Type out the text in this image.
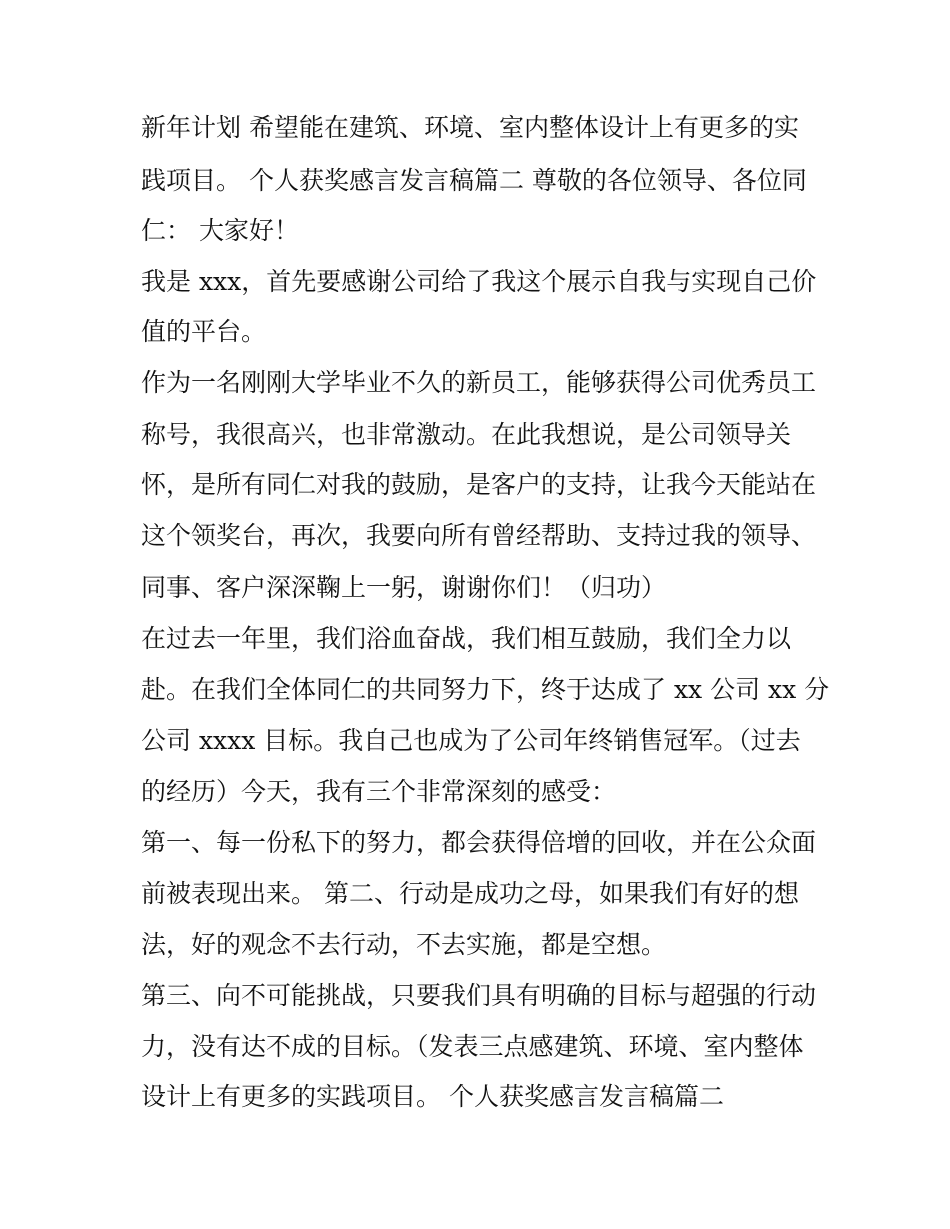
新年计划 希望能在建筑、环境、室内整体设计上有更多的实

践项目。 个人获奖感言发言稿篇二 尊敬的各位领导、各位同

仁： 大家好！

我是 xxx，首先要感谢公司给了我这个展示自我与实现自己价

值的平台。

作为一名刚刚大学毕业不久的新员工，能够获得公司优秀员工

称号，我很高兴，也非常激动。在此我想说，是公司领导关

怀，是所有同仁对我的鼓励，是客户的支持，让我今天能站在

这个领奖台，再次，我要向所有曾经帮助、支持过我的领导、

同事、客户深深鞠上一躬，谢谢你们！（归功）

在过去一年里，我们浴血奋战，我们相互鼓励，我们全力以

赴。在我们全体同仁的共同努力下，终于达成了 xx 公司 xx 分

公司 xxxx 目标。我自己也成为了公司年终销售冠军。（过去

的经历）今天，我有三个非常深刻的感受：

第一、每一份私下的努力，都会获得倍增的回收，并在公众面

前被表现出来。 第二、行动是成功之母，如果我们有好的想

法，好的观念不去行动，不去实施，都是空想。

第三、向不可能挑战，只要我们具有明确的目标与超强的行动

力，没有达不成的目标。（发表三点感建筑、环境、室内整体

设计上有更多的实践项目。 个人获奖感言发言稿篇二
